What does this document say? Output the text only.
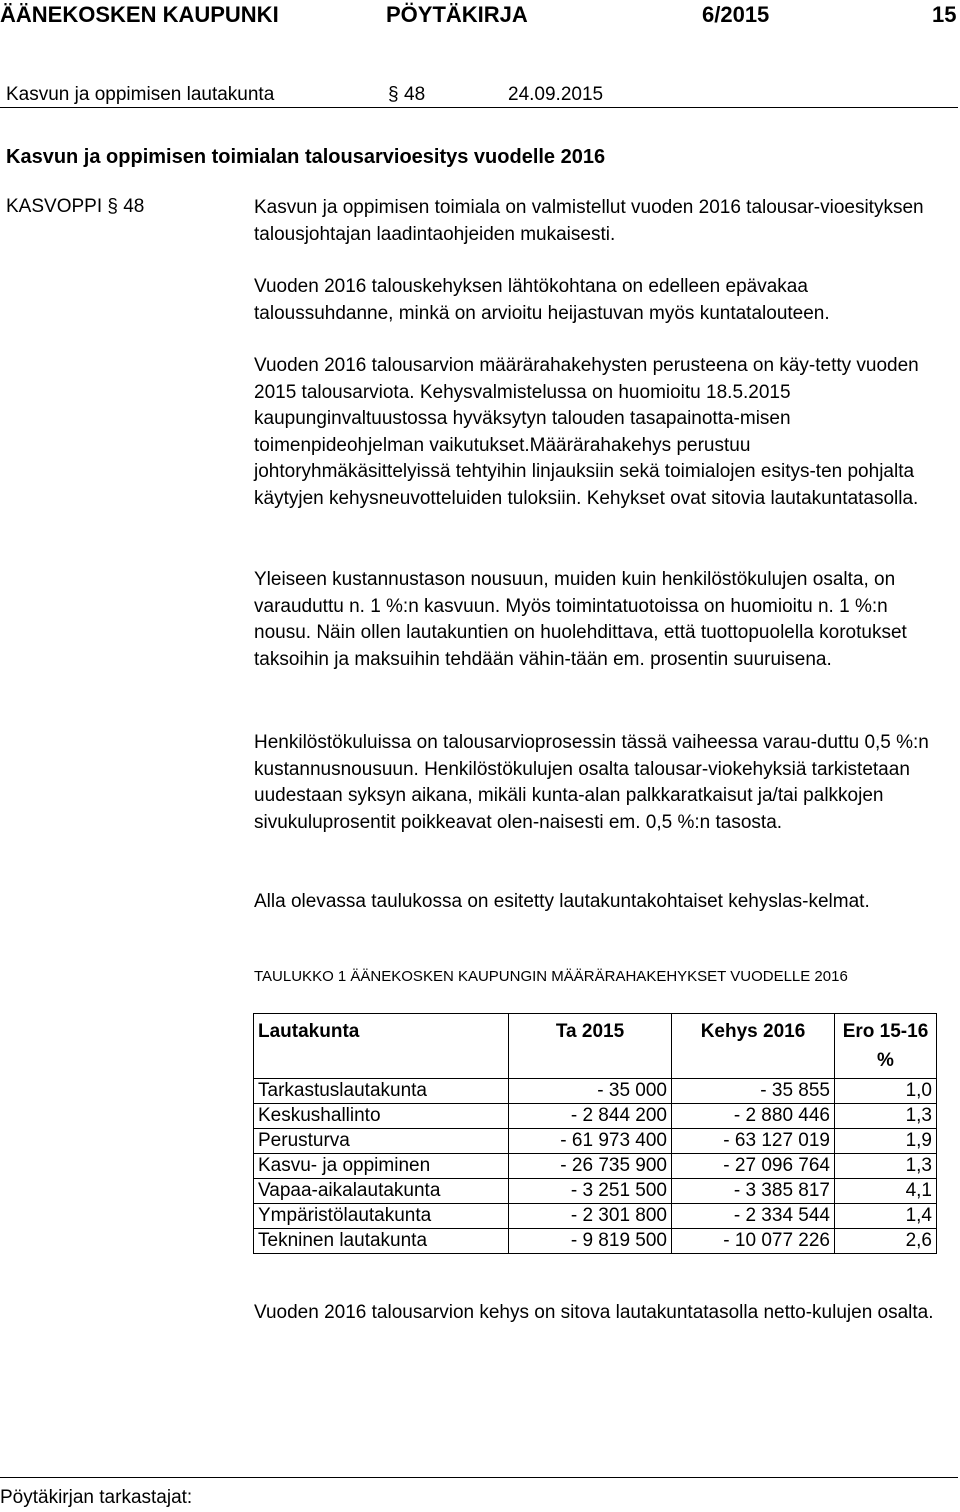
ÄÄNEKOSKEN KAUPUNKI	PÖYTÄKIRJA	6/2015	15
Kasvun ja oppimisen lautakunta	§ 48	24.09.2015
Kasvun ja oppimisen toimialan talousarvioesitys vuodelle 2016
KASVOPPI § 48	Kasvun ja oppimisen toimiala on valmistellut vuoden 2016 talousar-vioesityksen talousjohtajan laadintaohjeiden mukaisesti.

Vuoden 2016 talouskehyksen lähtökohtana on edelleen epävakaa taloussuhdanne, minkä on arvioitu heijastuvan myös kuntatalouteen.

Vuoden 2016 talousarvion määrärahakehysten perusteena on käy-tetty vuoden 2015 talousarviota. Kehysvalmistelussa on huomioitu 18.5.2015 kaupunginvaltuustossa hyväksytyn talouden tasapainotta-misen toimenpideohjelman vaikutukset.Määrärahakehys perustuu johtoryhmäkäsittelyissä tehtyihin linjauksiin sekä toimialojen esitys-ten pohjalta käytyjen kehysneuvotteluiden tuloksiin. Kehykset ovat sitovia lautakuntatasolla.

Yleiseen kustannustason nousuun, muiden kuin henkilöstökulujen osalta, on varauduttu n. 1 %:n kasvuun. Myös toimintatuotoissa on huomioitu n. 1 %:n nousu. Näin ollen lautakuntien on huolehdittava, että tuottopuolella korotukset taksoihin ja maksuihin tehdään vähin-tään em. prosentin suuruisena.

Henkilöstökuluissa on talousarvioprosessin tässä vaiheessa varau-duttu 0,5 %:n kustannusnousuun. Henkilöstökulujen osalta talousar-viokehyksiä tarkistetaan uudestaan syksyn aikana, mikäli kunta-alan palkkaratkaisut ja/tai palkkojen sivukuluprosentit poikkeavat olen-naisesti em. 0,5 %:n tasosta.

Alla olevassa taulukossa on esitetty lautakuntakohtaiset kehyslas-kelmat.

TAULUKKO 1 ÄÄNEKOSKEN KAUPUNGIN MÄÄRÄRAHAKEHYKSET VUODELLE 2016
Lautakunta	Ta 2015	Kehys 2016	Ero 15-16 %
Tarkastuslautakunta	- 35 000	- 35 855	1,0
Keskushallinto	- 2 844 200	- 2 880 446	1,3
Perusturva	- 61 973 400	- 63 127 019	1,9
Kasvu- ja oppiminen	- 26 735 900	- 27 096 764	1,3
Vapaa-aikalautakunta	- 3 251 500	- 3 385 817	4,1
Ympäristölautakunta	- 2 301 800	- 2 334 544	1,4
Tekninen lautakunta	- 9 819 500	- 10 077 226	2,6

Vuoden 2016 talousarvion kehys on sitova lautakuntatasolla netto-kulujen osalta.

Pöytäkirjan tarkastajat:
